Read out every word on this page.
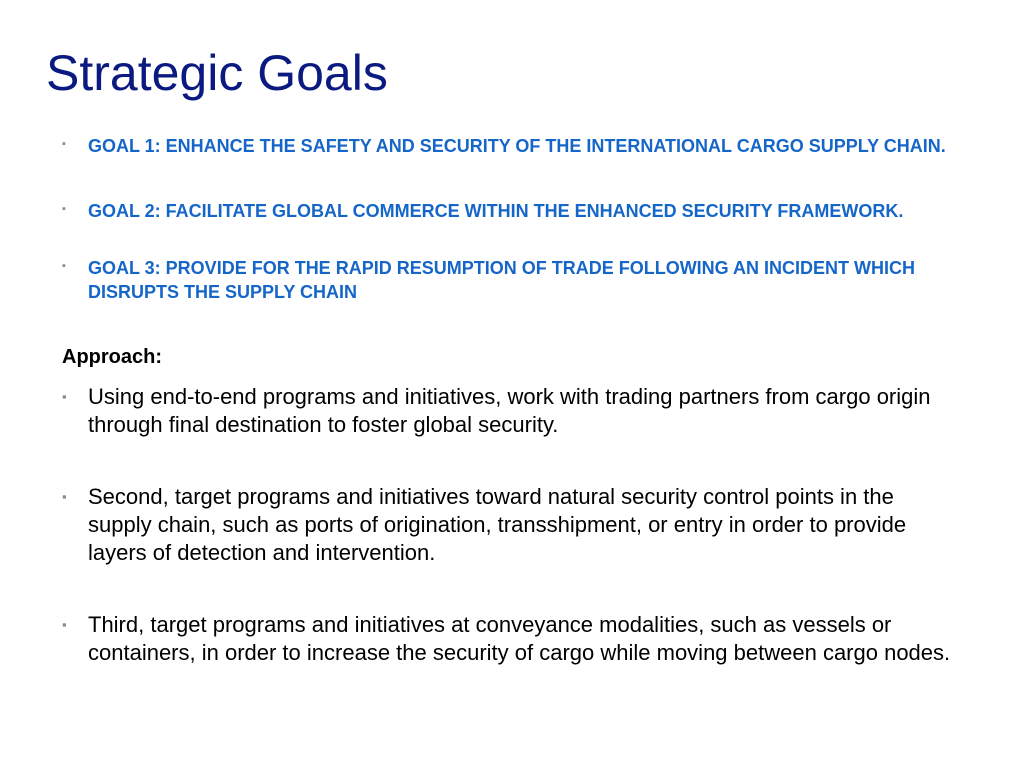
Strategic Goals
▪	GOAL 1: ENHANCE THE SAFETY AND SECURITY OF THE INTERNATIONAL CARGO SUPPLY CHAIN.
▪	GOAL 2: FACILITATE GLOBAL COMMERCE WITHIN THE ENHANCED SECURITY FRAMEWORK.
▪	GOAL 3: PROVIDE FOR THE RAPID RESUMPTION OF TRADE FOLLOWING AN INCIDENT WHICH DISRUPTS THE SUPPLY CHAIN
Approach:
▪ Using end-to-end programs and initiatives, work with trading partners from cargo origin through final destination to foster global security.
▪ Second, target programs and initiatives toward natural security control points in the supply chain, such as ports of origination, transshipment, or entry in order to provide layers of detection and intervention.
▪ Third, target programs and initiatives at conveyance modalities, such as vessels or containers, in order to increase the security of cargo while moving between cargo nodes.
